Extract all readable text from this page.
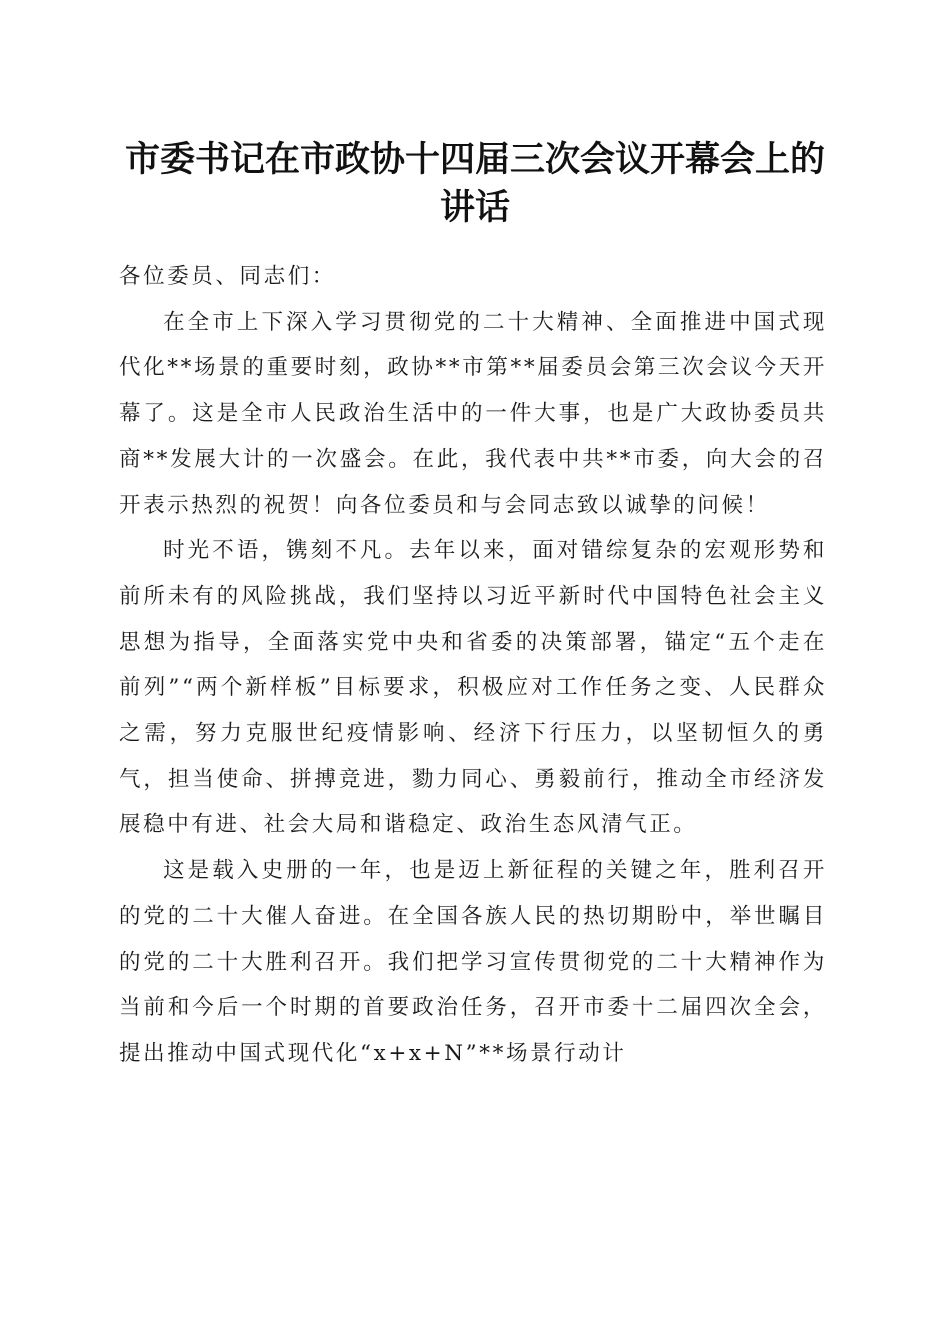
市委书记在市政协十四届三次会议开幕会上的讲话

各位委员、同志们：

在全市上下深入学习贯彻党的二十大精神、全面推进中国式现代化**场景的重要时刻，政协**市第**届委员会第三次会议今天开幕了。这是全市人民政治生活中的一件大事，也是广大政协委员共商**发展大计的一次盛会。在此，我代表中共**市委，向大会的召开表示热烈的祝贺！向各位委员和与会同志致以诚挚的问候！

时光不语，镌刻不凡。去年以来，面对错综复杂的宏观形势和前所未有的风险挑战，我们坚持以习近平新时代中国特色社会主义思想为指导，全面落实党中央和省委的决策部署，锚定“五个走在前列”“两个新样板”目标要求，积极应对工作任务之变、人民群众之需，努力克服世纪疫情影响、经济下行压力，以坚韧恒久的勇气，担当使命、拼搏竞进，勠力同心、勇毅前行，推动全市经济发展稳中有进、社会大局和谐稳定、政治生态风清气正。

这是载入史册的一年，也是迈上新征程的关键之年，胜利召开的党的二十大催人奋进。在全国各族人民的热切期盼中，举世瞩目的党的二十大胜利召开。我们把学习宣传贯彻党的二十大精神作为当前和今后一个时期的首要政治任务，召开市委十二届四次全会，提出推动中国式现代化“x+x+N”**场景行动计
